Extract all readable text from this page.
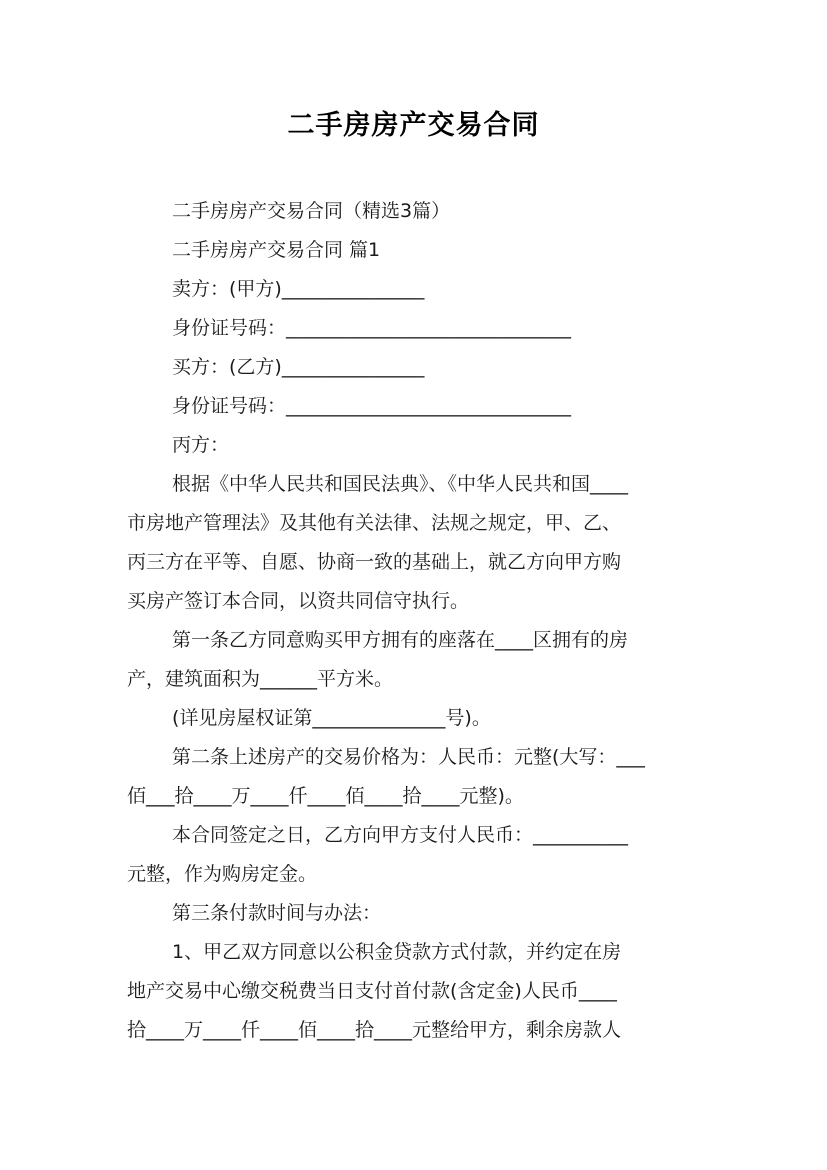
二手房房产交易合同

二手房房产交易合同（精选3篇）

二手房房产交易合同 篇1

卖方：(甲方)_______________

身份证号码：______________________________

买方：(乙方)_______________

身份证号码：______________________________

丙方：

根据《中华人民共和国民法典》、《中华人民共和国____

市房地产管理法》及其他有关法律、法规之规定，甲、乙、

丙三方在平等、自愿、协商一致的基础上，就乙方向甲方购

买房产签订本合同，以资共同信守执行。

第一条乙方同意购买甲方拥有的座落在____区拥有的房

产，建筑面积为______平方米。

(详见房屋权证第______________号)。

第二条上述房产的交易价格为：人民币：元整(大写：___

佰___拾____万____仟____佰____拾____元整)。

本合同签定之日，乙方向甲方支付人民币：__________

元整，作为购房定金。

第三条付款时间与办法：

1、甲乙双方同意以公积金贷款方式付款，并约定在房

地产交易中心缴交税费当日支付首付款(含定金)人民币____

拾____万____仟____佰____拾____元整给甲方，剩余房款人
